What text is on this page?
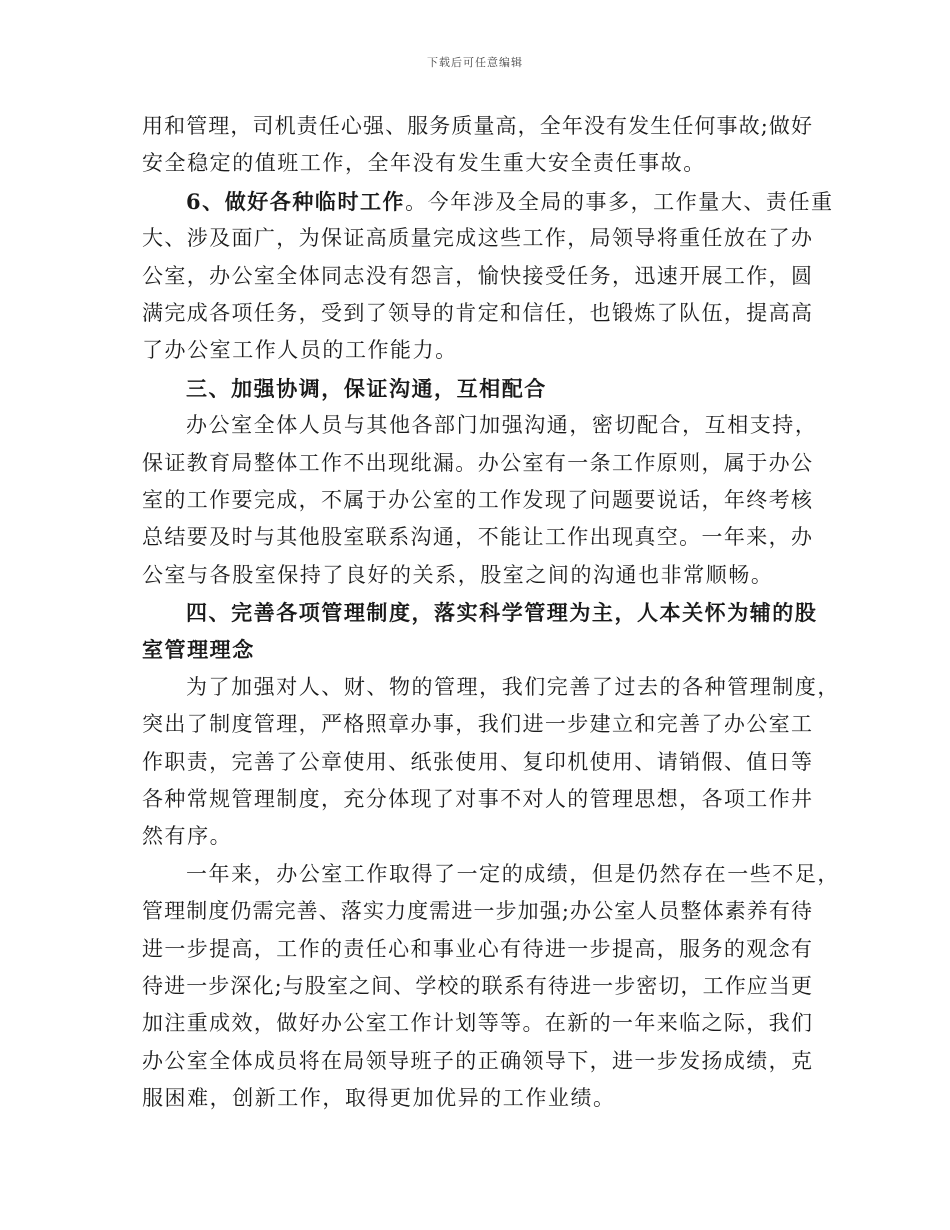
下载后可任意编辑
用和管理，司机责任心强、服务质量高，全年没有发生任何事故;做好
安全稳定的值班工作，全年没有发生重大安全责任事故。
6、做好各种临时工作。今年涉及全局的事多，工作量大、责任重
大、涉及面广，为保证高质量完成这些工作，局领导将重任放在了办
公室，办公室全体同志没有怨言，愉快接受任务，迅速开展工作，圆
满完成各项任务，受到了领导的肯定和信任，也锻炼了队伍，提高高
了办公室工作人员的工作能力。
三、加强协调，保证沟通，互相配合
办公室全体人员与其他各部门加强沟通，密切配合，互相支持，
保证教育局整体工作不出现纰漏。办公室有一条工作原则，属于办公
室的工作要完成，不属于办公室的工作发现了问题要说话，年终考核
总结要及时与其他股室联系沟通，不能让工作出现真空。一年来，办
公室与各股室保持了良好的关系，股室之间的沟通也非常顺畅。
四、完善各项管理制度，落实科学管理为主，人本关怀为辅的股
室管理理念
为了加强对人、财、物的管理，我们完善了过去的各种管理制度，
突出了制度管理，严格照章办事，我们进一步建立和完善了办公室工
作职责，完善了公章使用、纸张使用、复印机使用、请销假、值日等
各种常规管理制度，充分体现了对事不对人的管理思想，各项工作井
然有序。
一年来，办公室工作取得了一定的成绩，但是仍然存在一些不足，
管理制度仍需完善、落实力度需进一步加强;办公室人员整体素养有待
进一步提高，工作的责任心和事业心有待进一步提高，服务的观念有
待进一步深化;与股室之间、学校的联系有待进一步密切，工作应当更
加注重成效，做好办公室工作计划等等。在新的一年来临之际，我们
办公室全体成员将在局领导班子的正确领导下，进一步发扬成绩，克
服困难，创新工作，取得更加优异的工作业绩。
